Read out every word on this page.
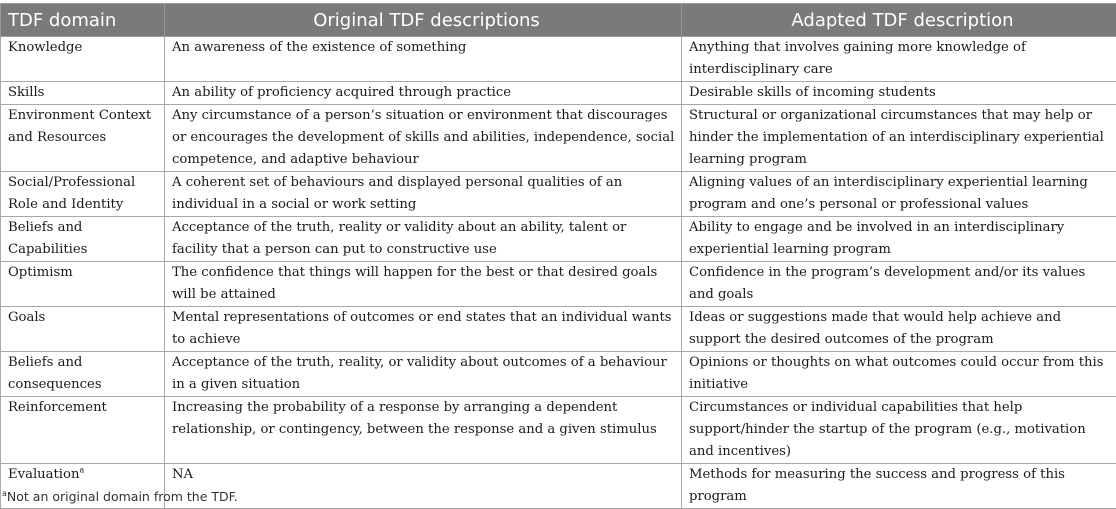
TDF domain	Original TDF descriptions	Adapted TDF description
Knowledge	An awareness of the existence of something	Anything that involves gaining more knowledge of interdisciplinary care
Skills	An ability of proficiency acquired through practice	Desirable skills of incoming students
Environment Context and Resources	Any circumstance of a person’s situation or environment that discourages or encourages the development of skills and abilities, independence, social competence, and adaptive behaviour	Structural or organizational circumstances that may help or hinder the implementation of an interdisciplinary experiential learning program
Social/Professional Role and Identity	A coherent set of behaviours and displayed personal qualities of an individual in a social or work setting	Aligning values of an interdisciplinary experiential learning program and one’s personal or professional values
Beliefs and Capabilities	Acceptance of the truth, reality or validity about an ability, talent or facility that a person can put to constructive use	Ability to engage and be involved in an interdisciplinary experiential learning program
Optimism	The confidence that things will happen for the best or that desired goals will be attained	Confidence in the program’s development and/or its values and goals
Goals	Mental representations of outcomes or end states that an individual wants to achieve	Ideas or suggestions made that would help achieve and support the desired outcomes of the program
Beliefs and consequences	Acceptance of the truth, reality, or validity about outcomes of a behaviour in a given situation	Opinions or thoughts on what outcomes could occur from this initiative
Reinforcement	Increasing the probability of a response by arranging a dependent relationship, or contingency, between the response and a given stimulus	Circumstances or individual capabilities that help support/hinder the startup of the program (e.g., motivation and incentives)
Evaluation$^a$	NA	Methods for measuring the success and progress of this program
$^a$Not an original domain from the TDF.
